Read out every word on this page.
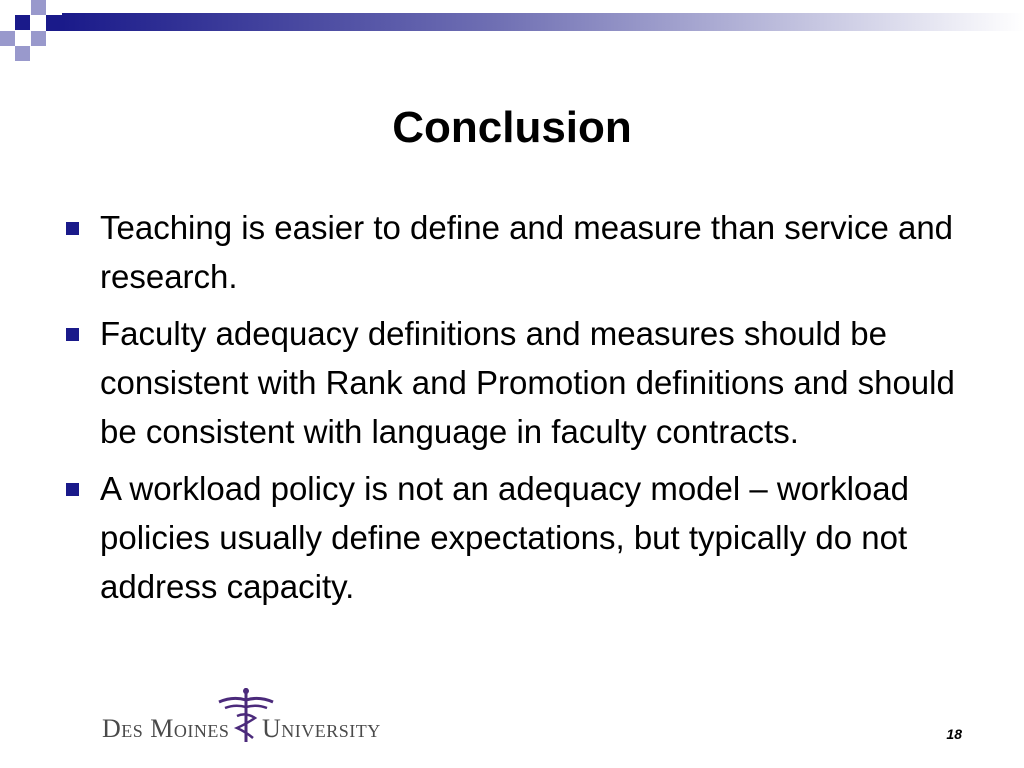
Conclusion
Teaching is easier to define and measure than service and research.
Faculty adequacy definitions and measures should be consistent with Rank and Promotion definitions and should be consistent with language in faculty contracts.
A workload policy is not an adequacy model – workload policies usually define expectations, but typically do not address capacity.
Des Moines University	18
